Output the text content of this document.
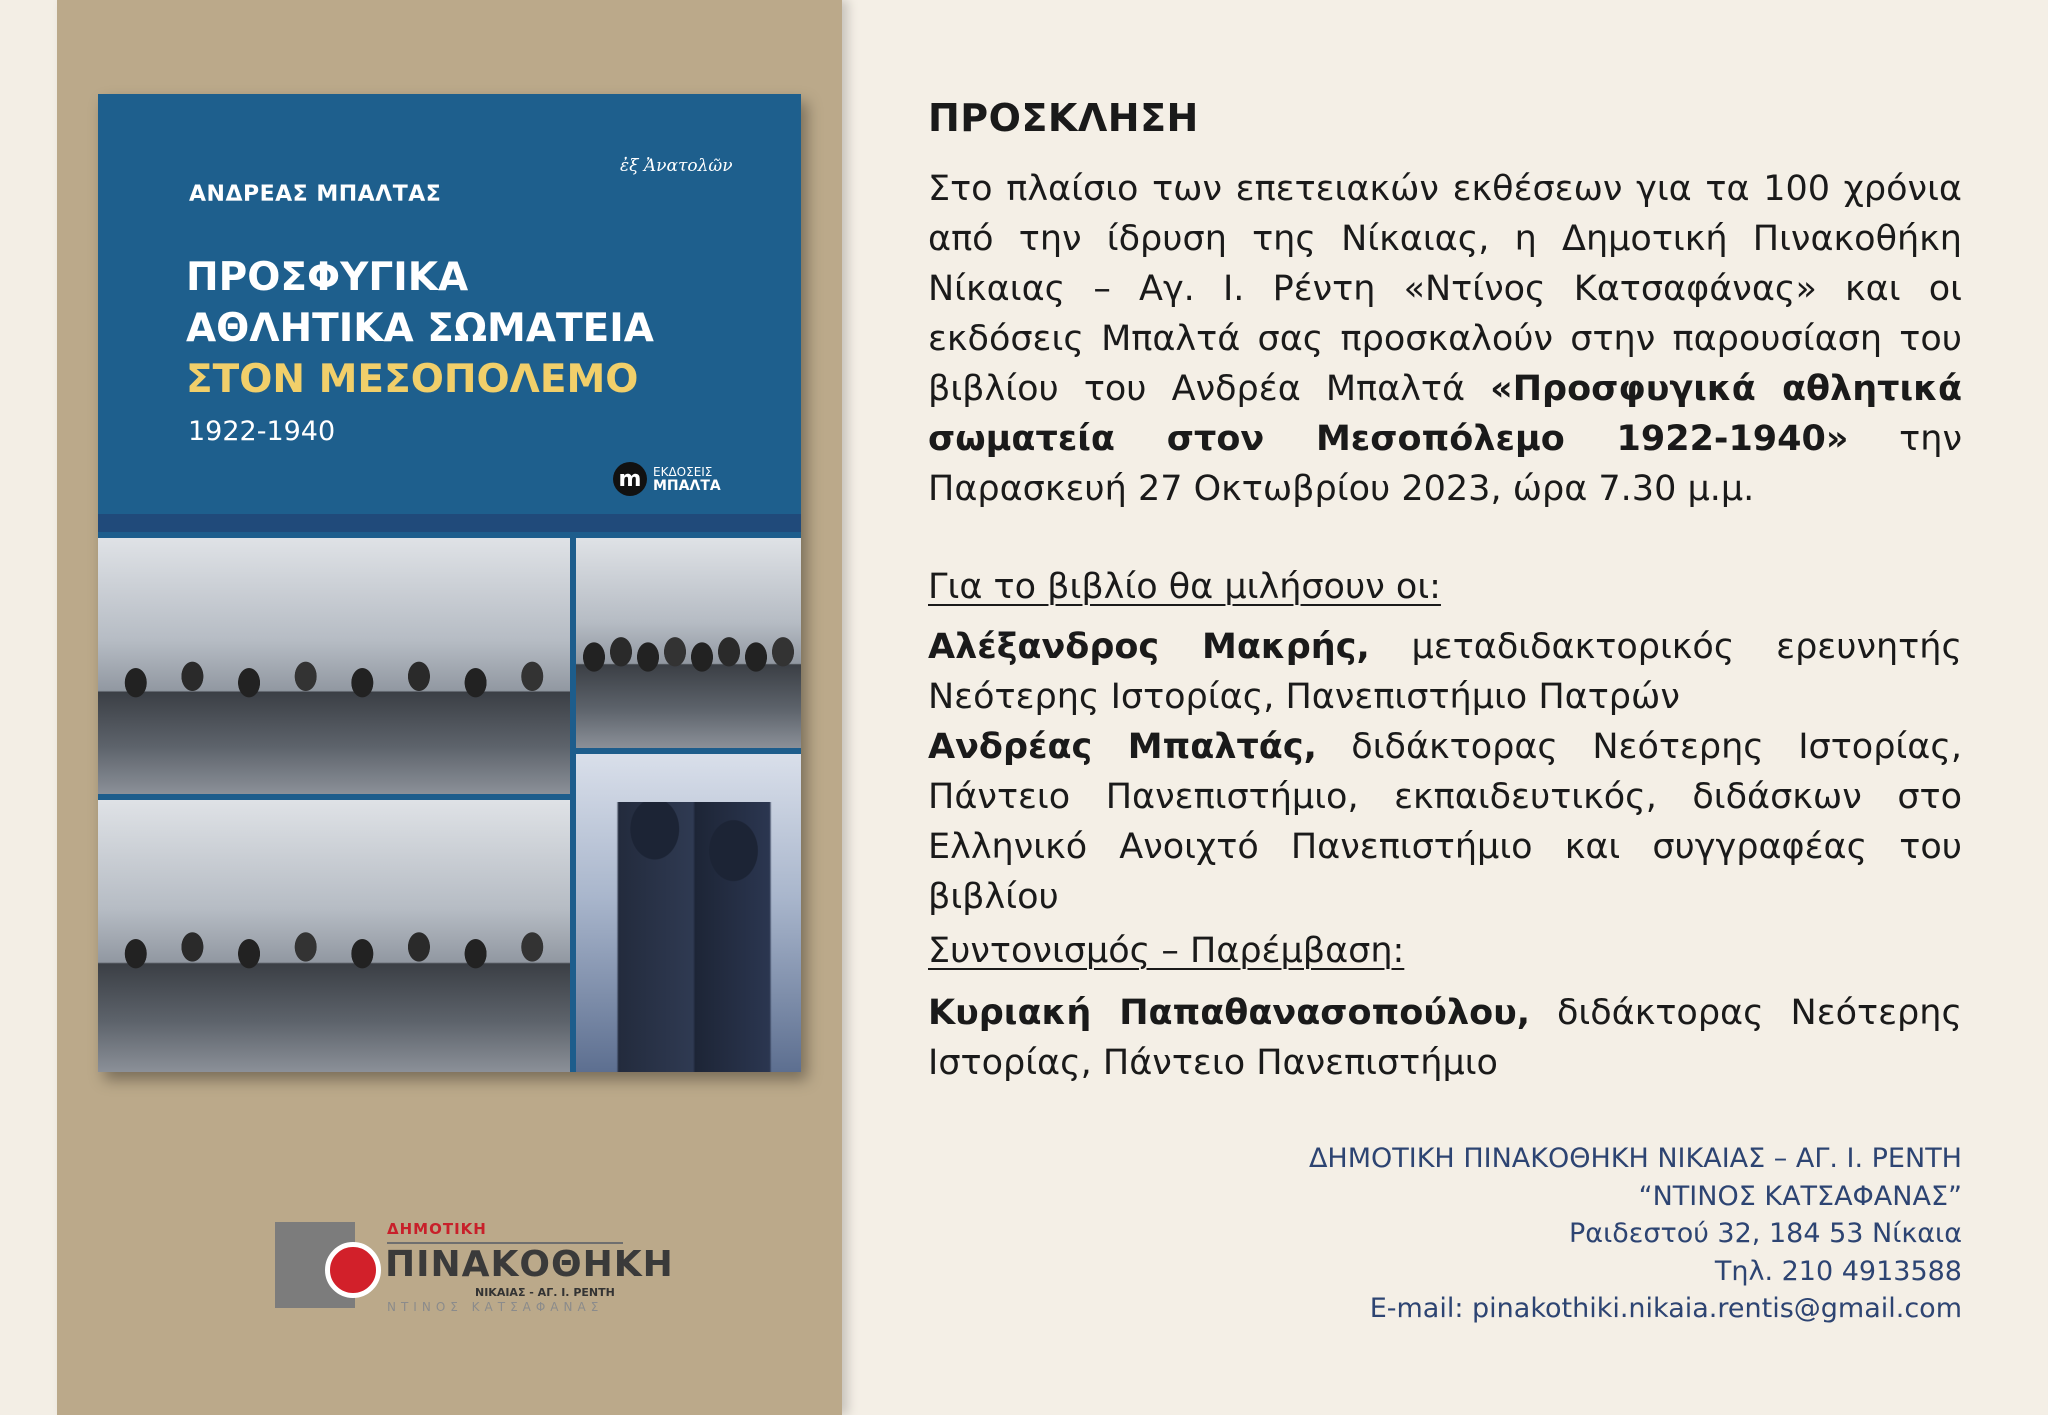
ἐξ Ἀνατολῶν
ΑΝΔΡΕΑΣ ΜΠΑΛΤΑΣ
ΠΡΟΣΦΥΓΙΚΑ
ΑΘΛΗΤΙΚΑ ΣΩΜΑΤΕΙΑ
ΣΤΟΝ ΜΕΣΟΠΟΛΕΜΟ
1922-1940
m ΕΚΔΟΣΕΙΣ
ΜΠΑΛΤΑ
ΔΗΜΟΤΙΚΗ
ΠΙΝΑΚΟΘΗΚΗ
ΝΙΚΑΙΑΣ - ΑΓ. Ι. ΡΕΝΤΗ
ΝΤΙΝΟΣ ΚΑΤΣΑΦΑΝΑΣ
ΠΡΟΣΚΛΗΣΗ
Στο πλαίσιο των επετειακών εκθέσεων για τα 100 χρόνια από την ίδρυση της Νίκαιας, η Δημοτική Πινακοθήκη Νίκαιας – Αγ. Ι. Ρέντη «Ντίνος Κατσαφάνας» και οι εκδόσεις Μπαλτά σας προσκαλούν στην παρουσίαση του βιβλίου του Ανδρέα Μπαλτά «Προσφυγικά αθλητικά σωματεία στον Μεσοπόλεμο 1922-1940» την Παρασκευή 27 Οκτωβρίου 2023, ώρα 7.30 μ.μ.
Για το βιβλίο θα μιλήσουν οι:
Αλέξανδρος Μακρής, μεταδιδακτορικός ερευνητής Νεότερης Ιστορίας, Πανεπιστήμιο Πατρών
Ανδρέας Μπαλτάς, διδάκτορας Νεότερης Ιστορίας, Πάντειο Πανεπιστήμιο, εκπαιδευτικός, διδάσκων στο Ελληνικό Ανοιχτό Πανεπιστήμιο και συγγραφέας του βιβλίου
Συντονισμός – Παρέμβαση:
Κυριακή Παπαθανασοπούλου, διδάκτορας Νεότερης Ιστορίας, Πάντειο Πανεπιστήμιο
ΔΗΜΟΤΙΚΗ ΠΙΝΑΚΟΘΗΚΗ ΝΙΚΑΙΑΣ – ΑΓ. Ι. ΡΕΝΤΗ
“ΝΤΙΝΟΣ ΚΑΤΣΑΦΑΝΑΣ”
Ραιδεστού 32, 184 53 Νίκαια
Τηλ. 210 4913588
E-mail: pinakothiki.nikaia.rentis@gmail.com
